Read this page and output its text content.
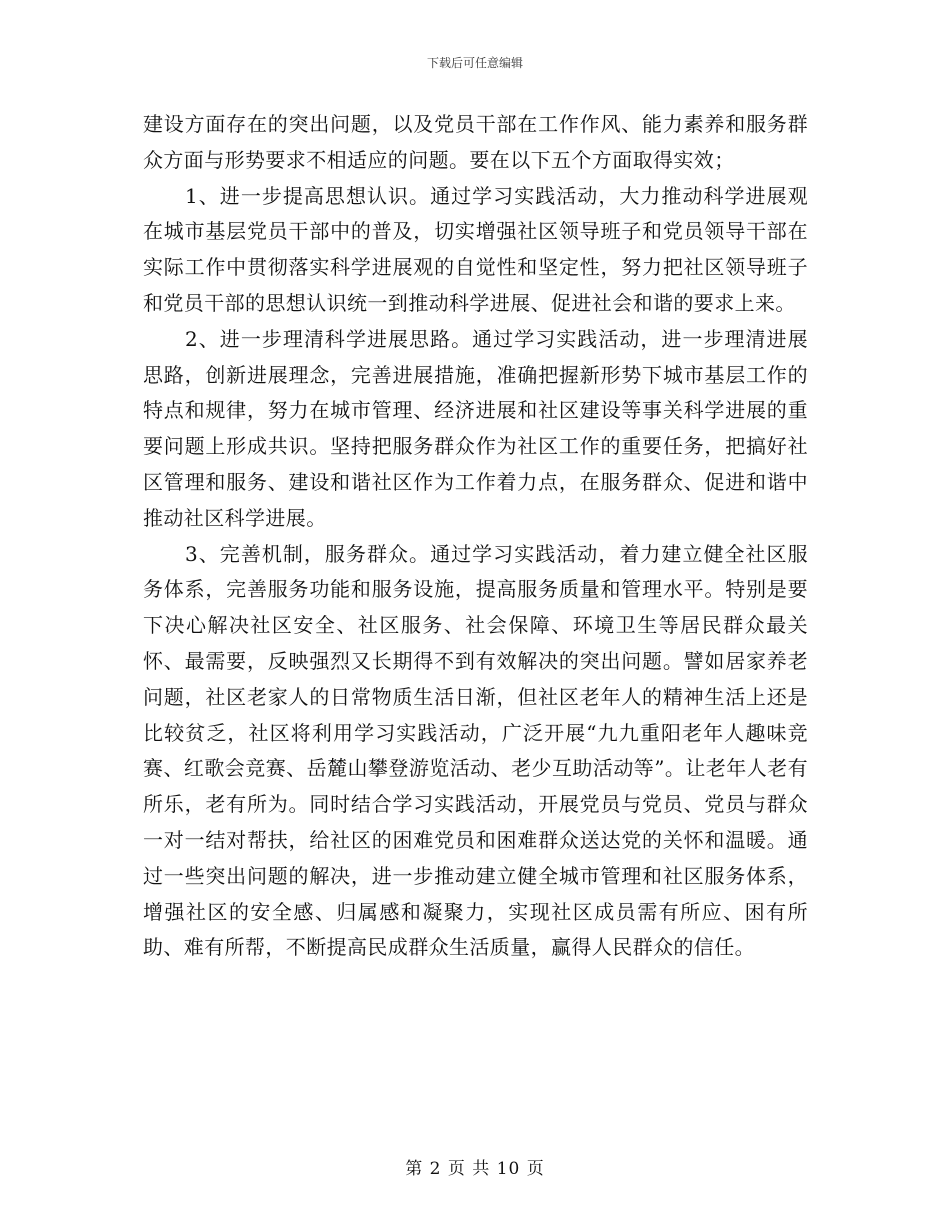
下载后可任意编辑

建设方面存在的突出问题，以及党员干部在工作作风、能力素养和服务群众方面与形势要求不相适应的问题。要在以下五个方面取得实效；

1、进一步提高思想认识。通过学习实践活动，大力推动科学进展观在城市基层党员干部中的普及，切实增强社区领导班子和党员领导干部在实际工作中贯彻落实科学进展观的自觉性和坚定性，努力把社区领导班子和党员干部的思想认识统一到推动科学进展、促进社会和谐的要求上来。

2、进一步理清科学进展思路。通过学习实践活动，进一步理清进展思路，创新进展理念，完善进展措施，准确把握新形势下城市基层工作的特点和规律，努力在城市管理、经济进展和社区建设等事关科学进展的重要问题上形成共识。坚持把服务群众作为社区工作的重要任务，把搞好社区管理和服务、建设和谐社区作为工作着力点，在服务群众、促进和谐中推动社区科学进展。

3、完善机制，服务群众。通过学习实践活动，着力建立健全社区服务体系，完善服务功能和服务设施，提高服务质量和管理水平。特别是要下决心解决社区安全、社区服务、社会保障、环境卫生等居民群众最关怀、最需要，反映强烈又长期得不到有效解决的突出问题。譬如居家养老问题，社区老家人的日常物质生活日渐，但社区老年人的精神生活上还是比较贫乏，社区将利用学习实践活动，广泛开展“九九重阳老年人趣味竞赛、红歌会竞赛、岳麓山攀登游览活动、老少互助活动等”。让老年人老有所乐，老有所为。同时结合学习实践活动，开展党员与党员、党员与群众一对一结对帮扶，给社区的困难党员和困难群众送达党的关怀和温暖。通过一些突出问题的解决，进一步推动建立健全城市管理和社区服务体系，增强社区的安全感、归属感和凝聚力，实现社区成员需有所应、困有所助、难有所帮，不断提高民成群众生活质量，赢得人民群众的信任。

第 2 页 共 10 页
